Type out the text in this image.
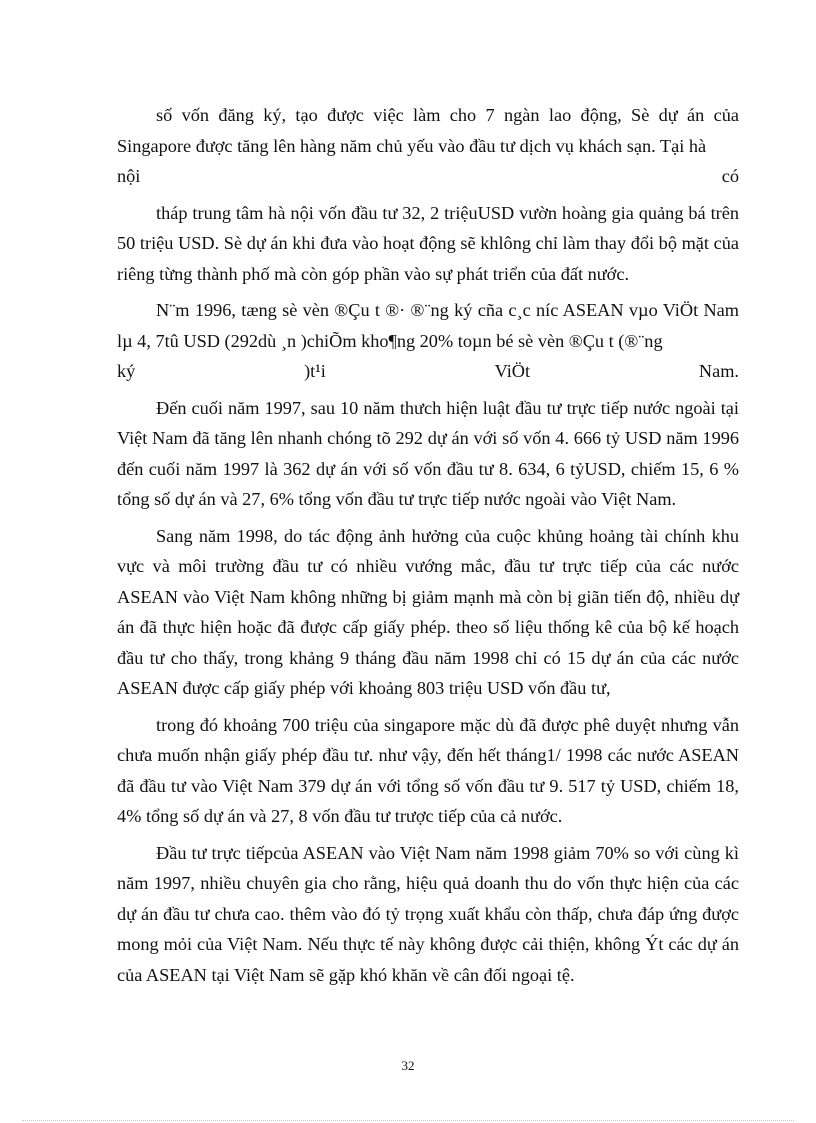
số vốn đăng ký, tạo được việc làm cho 7 ngàn lao động, Sè dự án của Singapore được tăng lên hàng năm chủ yếu vào đầu tư dịch vụ khách sạn. Tại hà

nội	có

tháp trung tâm hà nội vốn đầu tư 32, 2 triệuUSD vườn hoàng gia quảng bá trên 50 triệu USD. Sè dự án khi đưa vào hoạt động sẽ khlông chỉ làm thay đổi bộ mặt của riêng từng thành phố mà còn góp phần vào sự phát triển của đất nước.

N¨m 1996, tæng sè vèn ®Çu t ®· ®¨ng ký cña c¸c níc ASEAN vµo ViÖt Nam lµ 4, 7tû USD (292dù ¸n )chiÕm kho¶ng 20% toµn bé sè vèn ®Çu t (®¨ng

ký	)t¹i	ViÖt	Nam.

Đến cuối năm 1997, sau 10 năm thưch hiện luật đầu tư trực tiếp nước ngoài tại Việt Nam đã tăng lên nhanh chóng tõ 292 dự án với số vốn 4. 666 tỷ USD năm 1996 đến cuối năm 1997 là 362 dự án với số vốn đầu tư 8. 634, 6 tỷUSD, chiếm 15, 6 % tổng số dự án và 27, 6% tổng vốn đầu tư trực tiếp nước ngoài vào Việt Nam.

Sang năm 1998, do tác động ảnh hưởng của cuộc khủng hoảng tài chính khu vực và môi trường đầu tư có nhiều vướng mắc, đầu tư trực tiếp của các nước ASEAN vào Việt Nam không những bị giảm mạnh mà còn bị giãn tiến độ, nhiều dự án đã thực hiện hoặc đã được cấp giấy phép. theo số liệu thống kê của bộ kế hoạch đầu tư cho thấy, trong khảng 9 tháng đầu năm 1998 chỉ có 15 dự án của các nước ASEAN được cấp giấy phép với khoảng 803 triệu USD vốn đầu tư,

trong đó khoảng 700 triệu của singapore mặc dù đã được phê duyệt nhưng vẫn chưa muốn nhận giấy phép đầu tư. như vậy, đến hết tháng1/ 1998 các nước ASEAN đã đầu tư vào Việt Nam 379 dự án với tổng số vốn đầu tư 9. 517 tỷ USD, chiếm 18, 4% tổng số dự án và 27, 8 vốn đầu tư trược tiếp của cả nước.

Đầu tư trực tiếpcủa ASEAN vào Việt Nam năm 1998 giảm 70% so với cùng kì năm 1997, nhiều chuyên gia cho rằng, hiệu quả doanh thu do vốn thực hiện của các dự án đầu tư chưa cao. thêm vào đó tỷ trọng xuất khẩu còn thấp, chưa đáp ứng được mong mỏi của Việt Nam. Nếu thực tế này không được cải thiện, không Ýt các dự án của ASEAN tại Việt Nam sẽ gặp khó khăn về cân đối ngoại tệ.

32
